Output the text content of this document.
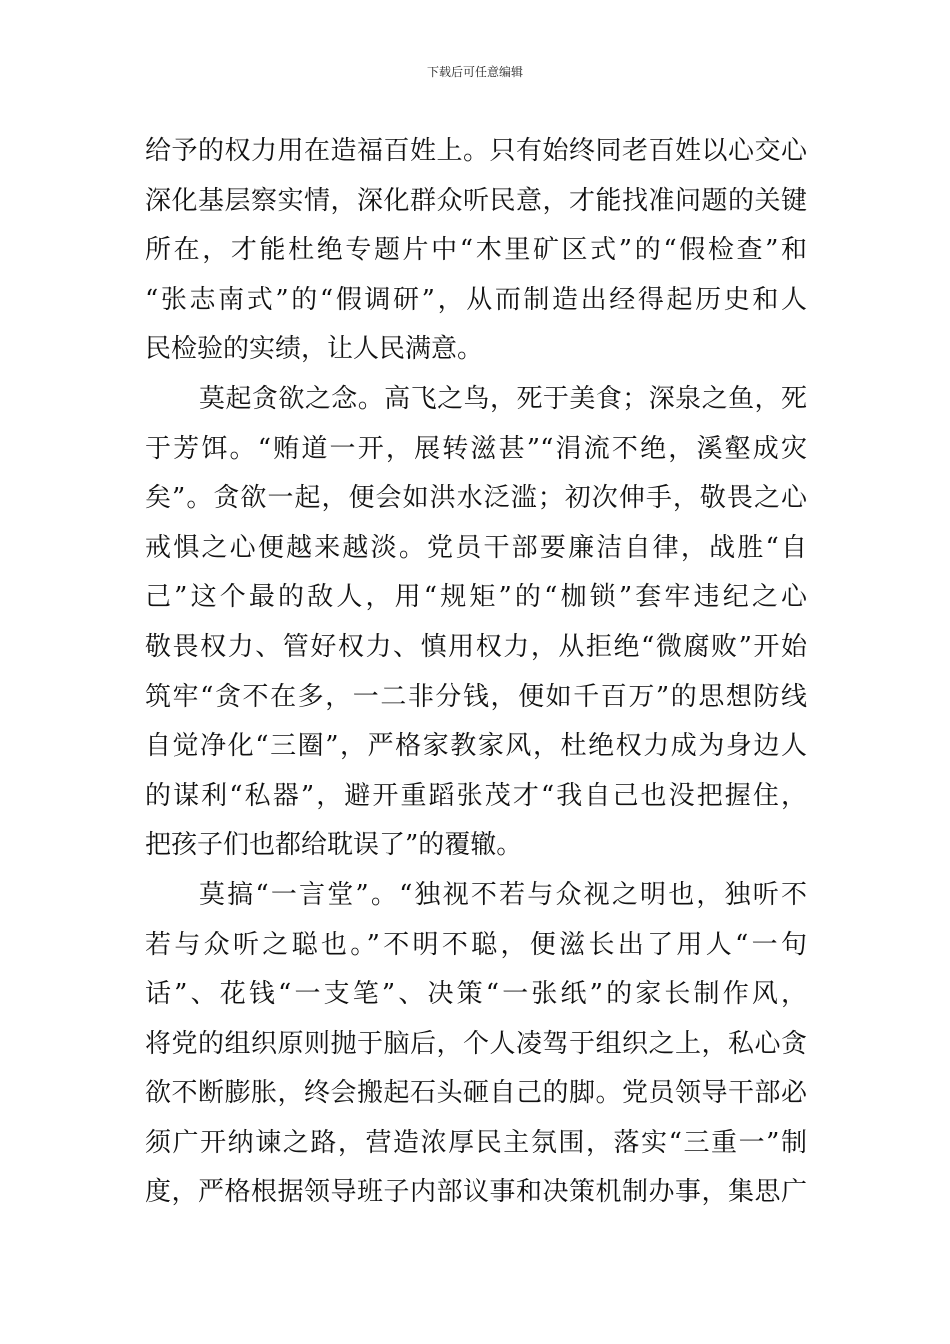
下载后可任意编辑
给予的权力用在造福百姓上。只有始终同老百姓以心交心
深化基层察实情，深化群众听民意，才能找准问题的关键
所在，才能杜绝专题片中“木里矿区式”的“假检查”和
“张志南式”的“假调研”，从而制造出经得起历史和人
民检验的实绩，让人民满意。
莫起贪欲之念。高飞之鸟，死于美食；深泉之鱼，死
于芳饵。“贿道一开，展转滋甚”“涓流不绝，溪壑成灾
矣”。贪欲一起，便会如洪水泛滥；初次伸手，敬畏之心
戒惧之心便越来越淡。党员干部要廉洁自律，战胜“自
己”这个最的敌人，用“规矩”的“枷锁”套牢违纪之心
敬畏权力、管好权力、慎用权力，从拒绝“微腐败”开始
筑牢“贪不在多，一二非分钱，便如千百万”的思想防线
自觉净化“三圈”，严格家教家风，杜绝权力成为身边人
的谋利“私器”，避开重蹈张茂才“我自己也没把握住，
把孩子们也都给耽误了”的覆辙。
莫搞“一言堂”。“独视不若与众视之明也，独听不
若与众听之聪也。”不明不聪，便滋长出了用人“一句
话”、花钱“一支笔”、决策“一张纸”的家长制作风，
将党的组织原则抛于脑后，个人凌驾于组织之上，私心贪
欲不断膨胀，终会搬起石头砸自己的脚。党员领导干部必
须广开纳谏之路，营造浓厚民主氛围，落实“三重一”制
度，严格根据领导班子内部议事和决策机制办事，集思广
